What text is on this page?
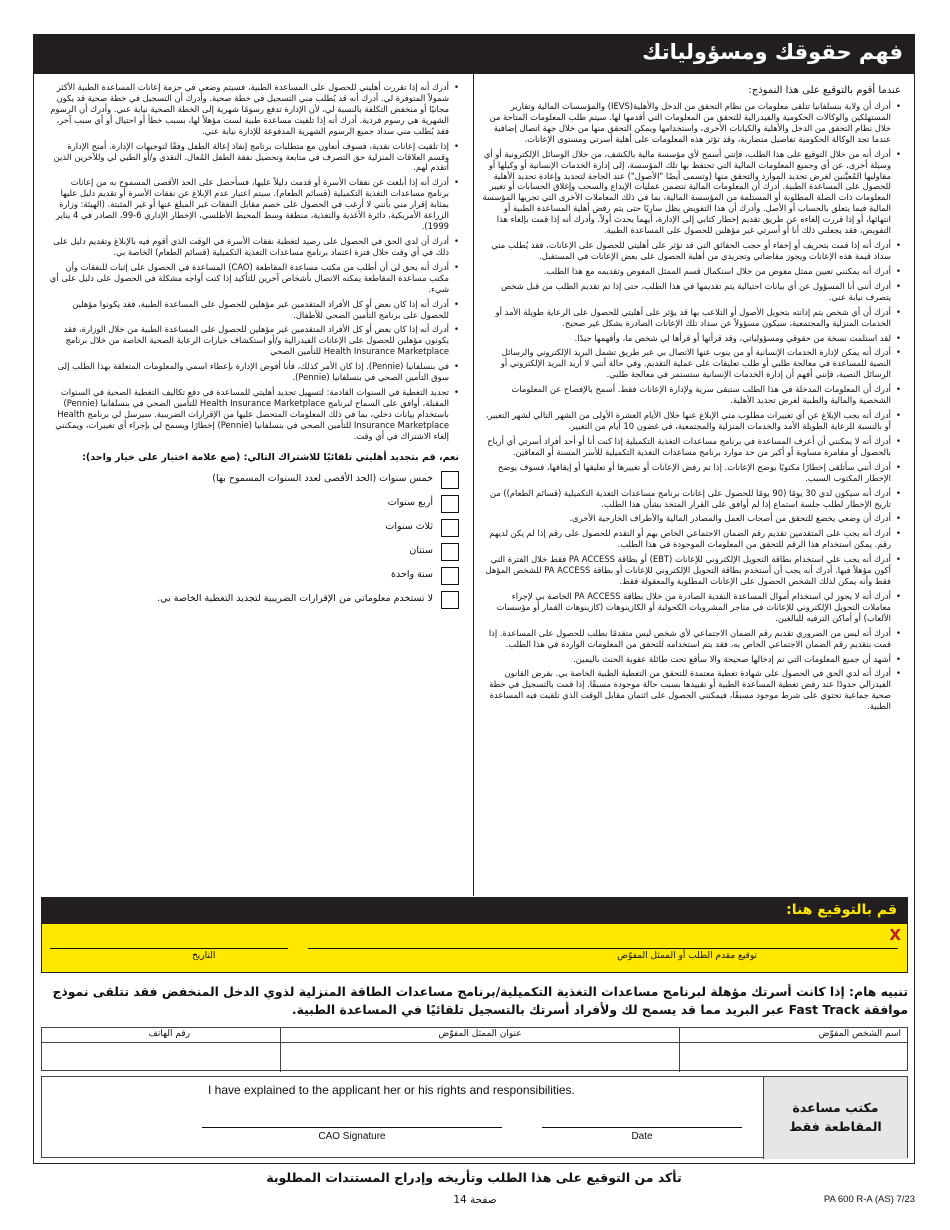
فهم حقوقك ومسؤولياتك

عندما أقوم بالتوقيع على هذا النموذج:

• أدرك أن ولاية بنسلفانيا تتلقى معلومات من نظام التحقق من الدخل والأهلية(IEVS) والمؤسسات المالية وتقارير المستهلكين والوكالات الحكومية والفيدرالية للتحقق من المعلومات التي أقدمها لها. سيتم طلب المعلومات المتاحة من خلال نظام التحقق من الدخل والأهلية والكيانات الأخرى، واستخدامها ويمكن التحقق منها من خلال جهة اتصال إضافية عندما تجد الوكالة الحكومية تفاصيل متضاربة، وقد تؤثر هذه المعلومات على أهلية أسرتي ومستوى الإعانات.
• أدرك أنه من خلال التوقيع على هذا الطلب، فإنني أسمح لأي مؤسسة مالية بالكشف، من خلال الوسائل الإلكترونية أو أي وسيلة أخرى، عن أي وجميع المعلومات المالية التي تحتفظ بها تلك المؤسسة، إلى إدارة الخدمات الإنسانية أو وكيلها أو مقاوليها المُعيَّنين لغرض تحديد الموارد والتحقق منها (وتسمى أيضًا "الأصول") عند الحاجة لتحديد وإعادة تحديد الأهلية للحصول على المساعدة الطبية. أدرك أن المعلومات المالية تتضمن عمليات الإيداع والسحب وإغلاق الحسابات أو تغيير المعلومات ذات الصلة المطلوبة أو المستلمة من المؤسسة المالية، بما في ذلك المعاملات الأخرى التي تجريها المؤسسة المالية فيما يتعلق بالحساب أو الأصل. وأدرك أن هذا التفويض يظل ساريًا حتى يتم رفض أهلية المساعدة الطبية أو انتهائها، أو إذا قررت إلغاءه عن طريق تقديم إخطار كتابي إلى الإدارة، أيهما يحدث أولاً. وأدرك أنه إذا قمت بإلغاء هذا التفويض، فقد يجعلني ذلك أنا أو أسرتي غير مؤهلين للحصول على المساعدة الطبية.
• أدرك أنه إذا قمت بتحريف أو إخفاء أو حجب الحقائق التي قد تؤثر على أهليتي للحصول على الإعانات، فقد يُطلب مني سداد قيمة هذه الإعانات ويجوز مقاضاتي وتجريدي من أهلية الحصول على بعض الإعانات في المستقبل.
• أدرك أنه يمكنني تعيين ممثل مفوض من خلال استكمال قسم الممثل المفوض وتقديمه مع هذا الطلب.
• أدرك أنني أنا المسؤول عن أي بيانات احتيالية يتم تقديمها في هذا الطلب، حتى إذا تم تقديم الطلب من قبل شخص يتصرف نيابة عني.
• أدرك أن أي شخص يتم إدانته بتحويل الأصول أو التلاعب بها قد يؤثر على أهليتي للحصول على الرعاية طويلة الأمد أو الخدمات المنزلية والمجتمعية، سيكون مسؤولاً عن سداد تلك الإعانات الصادرة بشكل غير صحيح.
• لقد استلمت نسخة من حقوقي ومسؤولياتي، وقد قرأتها أو قرأها لي شخص ما، وأفهمها جيدًا.
• أدرك أنه يمكن لإدارة الخدمات الإنسانية أو من ينوب عنها الاتصال بي عبر طريق تشمل البريد الإلكتروني والرسائل النصية للمساعدة في معالجة طلبي أو طلب تعليقات على عملية التقديم. وفي حالة أنني لا أريد البريد الإلكتروني أو الرسائل النصية، فإنني أفهم أن إدارة الخدمات الإنسانية ستستمر في معالجة طلبي.
• أدرك أن المعلومات المدخلة في هذا الطلب ستبقى سرية ولإدارة الإعانات فقط. أسمح بالإفصاح عن المعلومات الشخصية والمالية والطبية لغرض تحديد الأهلية.
• أدرك أنه يجب الإبلاغ عن أي تغييرات مطلوب مني الإبلاغ عنها خلال الأيام العشرة الأولى من الشهر التالي لشهر التغيير، أو بالنسبة للرعاية الطويلة الأمد والخدمات المنزلية والمجتمعية، في غضون 10 أيام من التغيير.
• أدرك أنه لا يمكنني أن أعرف المساعدة في برنامج مساعدات التغذية التكميلية إذا كنت أنا أو أحد أفراد أسرتي أي أرباح بالحصول أو مقامرة مساوية أو أكبر من حد موارد برنامج مساعدات التغذية التكميلية للأسر المسنة أو المعاقين.
• أدرك أنني سأتلقى إخطارًا مكتوبًا يوضح الإعانات. إذا تم رفض الإعانات أو تغييرها أو تعليقها أو إيقافها، فسوف يوضح الإخطار المكتوب السبب.
• أدرك أنه سيكون لدي 30 يومًا (90 يومًا للحصول على إعانات برنامج مساعدات التغذية التكميلية (قسائم الطعام)) من تاريخ الإخطار لطلب جلسة استماع إذا لم أوافق على القرار المتخذ بشأن هذا الطلب.
• أدرك أن وضعي يخضع للتحقق من أصحاب العمل والمصادر المالية والأطراف الخارجية الأخرى.
• أدرك أنه يجب على المتقدمين تقديم رقم الضمان الاجتماعي الخاص بهم أو التقدم للحصول على رقم إذا لم يكن لديهم رقم. يمكن استخدام هذا الرقم للتحقق من المعلومات الموجودة في هذا الطلب.
• أدرك أنه يجب علي استخدام بطاقة التحويل الإلكتروني للإعانات (EBT) أو بطاقة PA ACCESS فقط خلال الفترة التي أكون مؤهلاً فيها. أدرك أنه يجب أن أستخدم بطاقة التحويل الإلكتروني للإعانات أو بطاقة PA ACCESS للشخص المؤهل فقط وأنه يمكن لذلك الشخص الحصول على الإعانات المطلوبة والمعقولة فقط.
• أدرك أنه لا يجوز لي استخدام أموال المساعدة النقدية الصادرة من خلال بطاقة PA ACCESS الخاصة بي لإجراء معاملات التحويل الإلكتروني للإعانات في متاجر المشروبات الكحولية أو الكازينوهات (كازينوهات القمار أو مؤسسات الألعاب) أو أماكن الترفيه للبالغين.
• أدرك أنه ليس من الضروري تقديم رقم الضمان الاجتماعي لأي شخص ليس متقدمًا بطلب للحصول على المساعدة. إذا قمت بتقديم رقم الضمان الاجتماعي الخاص به، فقد يتم استخدامه للتحقق من المعلومات الواردة في هذا الطلب.
• أشهد أن جميع المعلومات التي تم إدخالها صحيحة والا سأقع تحت طائلة عقوبة الحنث باليمين.
• أدرك أنه لدي الحق في الحصول على شهادة تغطية معتمدة للتحقق من التغطية الطبية الخاصة بي. بفرض القانون الفيدرالي حدودًا عند رفض تغطية المساعدة الطبية أو تقييدها بسبب حالة موجودة مسبقًا. إذا قمت بالتسجيل في خطة صحية جماعية تحتوي على شرط موجود مسبقًا، فيمكنني الحصول على ائتمان مقابل الوقت الذي تلقيت فيه المساعدة الطبية.
• أدرك أنه إذا تقررت أهليتي للحصول على المساعدة الطبية، فسيتم وضعي في حزمة إعانات المساعدة الطبية الأكثر شمولاً المتوفرة لي. أدرك أنه قد يُطلب مني التسجيل في خطة صحية. وأدرك أن التسجيل في خطة صحية قد يكون مجانيًا أو منخفض التكلفة بالنسبة لي، لأن الإدارة تدفع رسومًا شهرية إلى الخطة الصحية نيابة عني. وأدرك أن الرسوم الشهرية هي رسوم فردية. أدرك أنه إذا تلقيت مساعدة طبية لست مؤهلاً لها، بسبب خطأ أو احتيال أو أي سبب آخر، فقد يُطلب مني سداد جميع الرسوم الشهرية المدفوعة للإدارة نيابة عني.
• إذا تلقيت إعانات نقدية، فسوف أتعاون مع متطلبات برنامج إنفاذ إعالة الطفل وفقًا لتوجيهات الإدارة. أمنح الإدارة وقسم العلاقات المنزلية حق التصرف في متابعة وتحصيل نفقة الطفل المُعال. النقدي و/أو الطبي لي وللآخرين الذين أتقدم لهم.
• أدرك أنه إذا أبلغت عن نفقات الأسرة أو قدمت دليلاً عليها، فسأحصل على الحد الأقصى المسموح به من إعانات برنامج مساعدات التغذية التكميلية (قسائم الطعام). سيتم اعتبار عدم الإبلاغ عن نفقات الأسرة أو تقديم دليل عليها بمثابة إقرار مني بأنني لا أرغب في الحصول على خصم مقابل النفقات غير المبلغ عنها أو غير المثبتة. (الهيئة: وزارة الزراعة الأمريكية، دائرة الأغذية والتغذية، منطقة وسط المحيط الأطلسي، الإخطار الإداري 6-99، الصادر في 4 يناير 1999).
• أدرك أن لدي الحق في الحصول على رصيد لتغطية نفقات الأسرة في الوقت الذي أقوم فيه بالإبلاغ وتقديم دليل على ذلك في أي وقت خلال فترة اعتماد برنامج مساعدات التغذية التكميلية (قسائم الطعام) الخاصة بي.
• أدرك أنه يحق لي أن أطلب من مكتب مساعدة المقاطعة (CAO) المساعدة في الحصول على إثبات للنفقات وأن مكتب مساعدة المقاطعة يمكنه الاتصال بأشخاص آخرين للتأكيد إذا كنت أواجه مشكلة في الحصول على دليل على أي شيء.
• أدرك أنه إذا كان بعض أو كل الأفراد المتقدمين غير مؤهلين للحصول على المساعدة الطبية، فقد يكونوا مؤهلين للحصول على برنامج التأمين الصحي للأطفال.
• أدرك أنه إذا كان بعض أو كل الأفراد المتقدمين غير مؤهلين للحصول على المساعدة الطبية من خلال الوزارة، فقد يكونون مؤهلين للحصول على الإعانات الفيدرالية و/أو استكشاف خيارات الرعاية الصحية الخاصة من خلال برنامج Health Insurance Marketplace للتأمين الصحي
• في بنسلفانيا (Pennie). إذا كان الأمر كذلك، فأنا أفوض الإدارة بإعطاء اسمي والمعلومات المتعلقة بهذا الطلب إلى سوق التأمين الصحي في بنسلفانيا (Pennie).
• تجديد التغطية في السنوات القادمة: لتسهيل تحديد أهليتي للمساعدة في دفع تكاليف التغطية الصحية في السنوات المقبلة، أوافق على السماح لبرنامج Health Insurance Marketplace للتأمين الصحي في بنسلفانيا (Pennie) باستخدام بيانات دخلي، بما في ذلك المعلومات المتحصل عليها من الإقرارات الضريبية. سيرسل لي برنامج Health Insurance Marketplace للتأمين الصحي في بنسلفانيا (Pennie) إخطارًا ويسمح لي بإجراء أي تغييرات، ويمكنني إلغاء الاشتراك في أي وقت.

نعم، قم بتجديد أهليتي تلقائيًا للاشتراك التالي: (ضع علامة اختيار على خيار واحد):

خمس سنوات (الحد الأقصى لعدد السنوات المسموح بها)
أربع سنوات
ثلاث سنوات
سنتان
سنة واحدة
لا تستخدم معلوماتي من الإقرارات الضريبية لتجديد التغطية الخاصة بي.
قم بالتوقيع هنا:
X
توقيع مقدم الطلب أو الممثل المفوّض
التاريخ
تنبيه هام: إذا كانت أسرتك مؤهلة لبرنامج مساعدات التغذية التكميلية/برنامج مساعدات الطاقة المنزلية لذوي الدخل المنخفض فقد تتلقى نموذج موافقة Fast Track عبر البريد مما قد يسمح لك ولأفراد أسرتك بالتسجيل تلقائيًا في المساعدة الطبية.
اسم الشخص المفوّض
عنوان الممثل المفوّض
رقم الهاتف
مكتب مساعدة المقاطعة فقط
I have explained to the applicant her or his rights and responsibilities.
CAO Signature	Date
تأكد من التوقيع على هذا الطلب وتأريخه وإدراج المستندات المطلوبة
صفحة 14	PA 600 R-A (AS) 7/23
